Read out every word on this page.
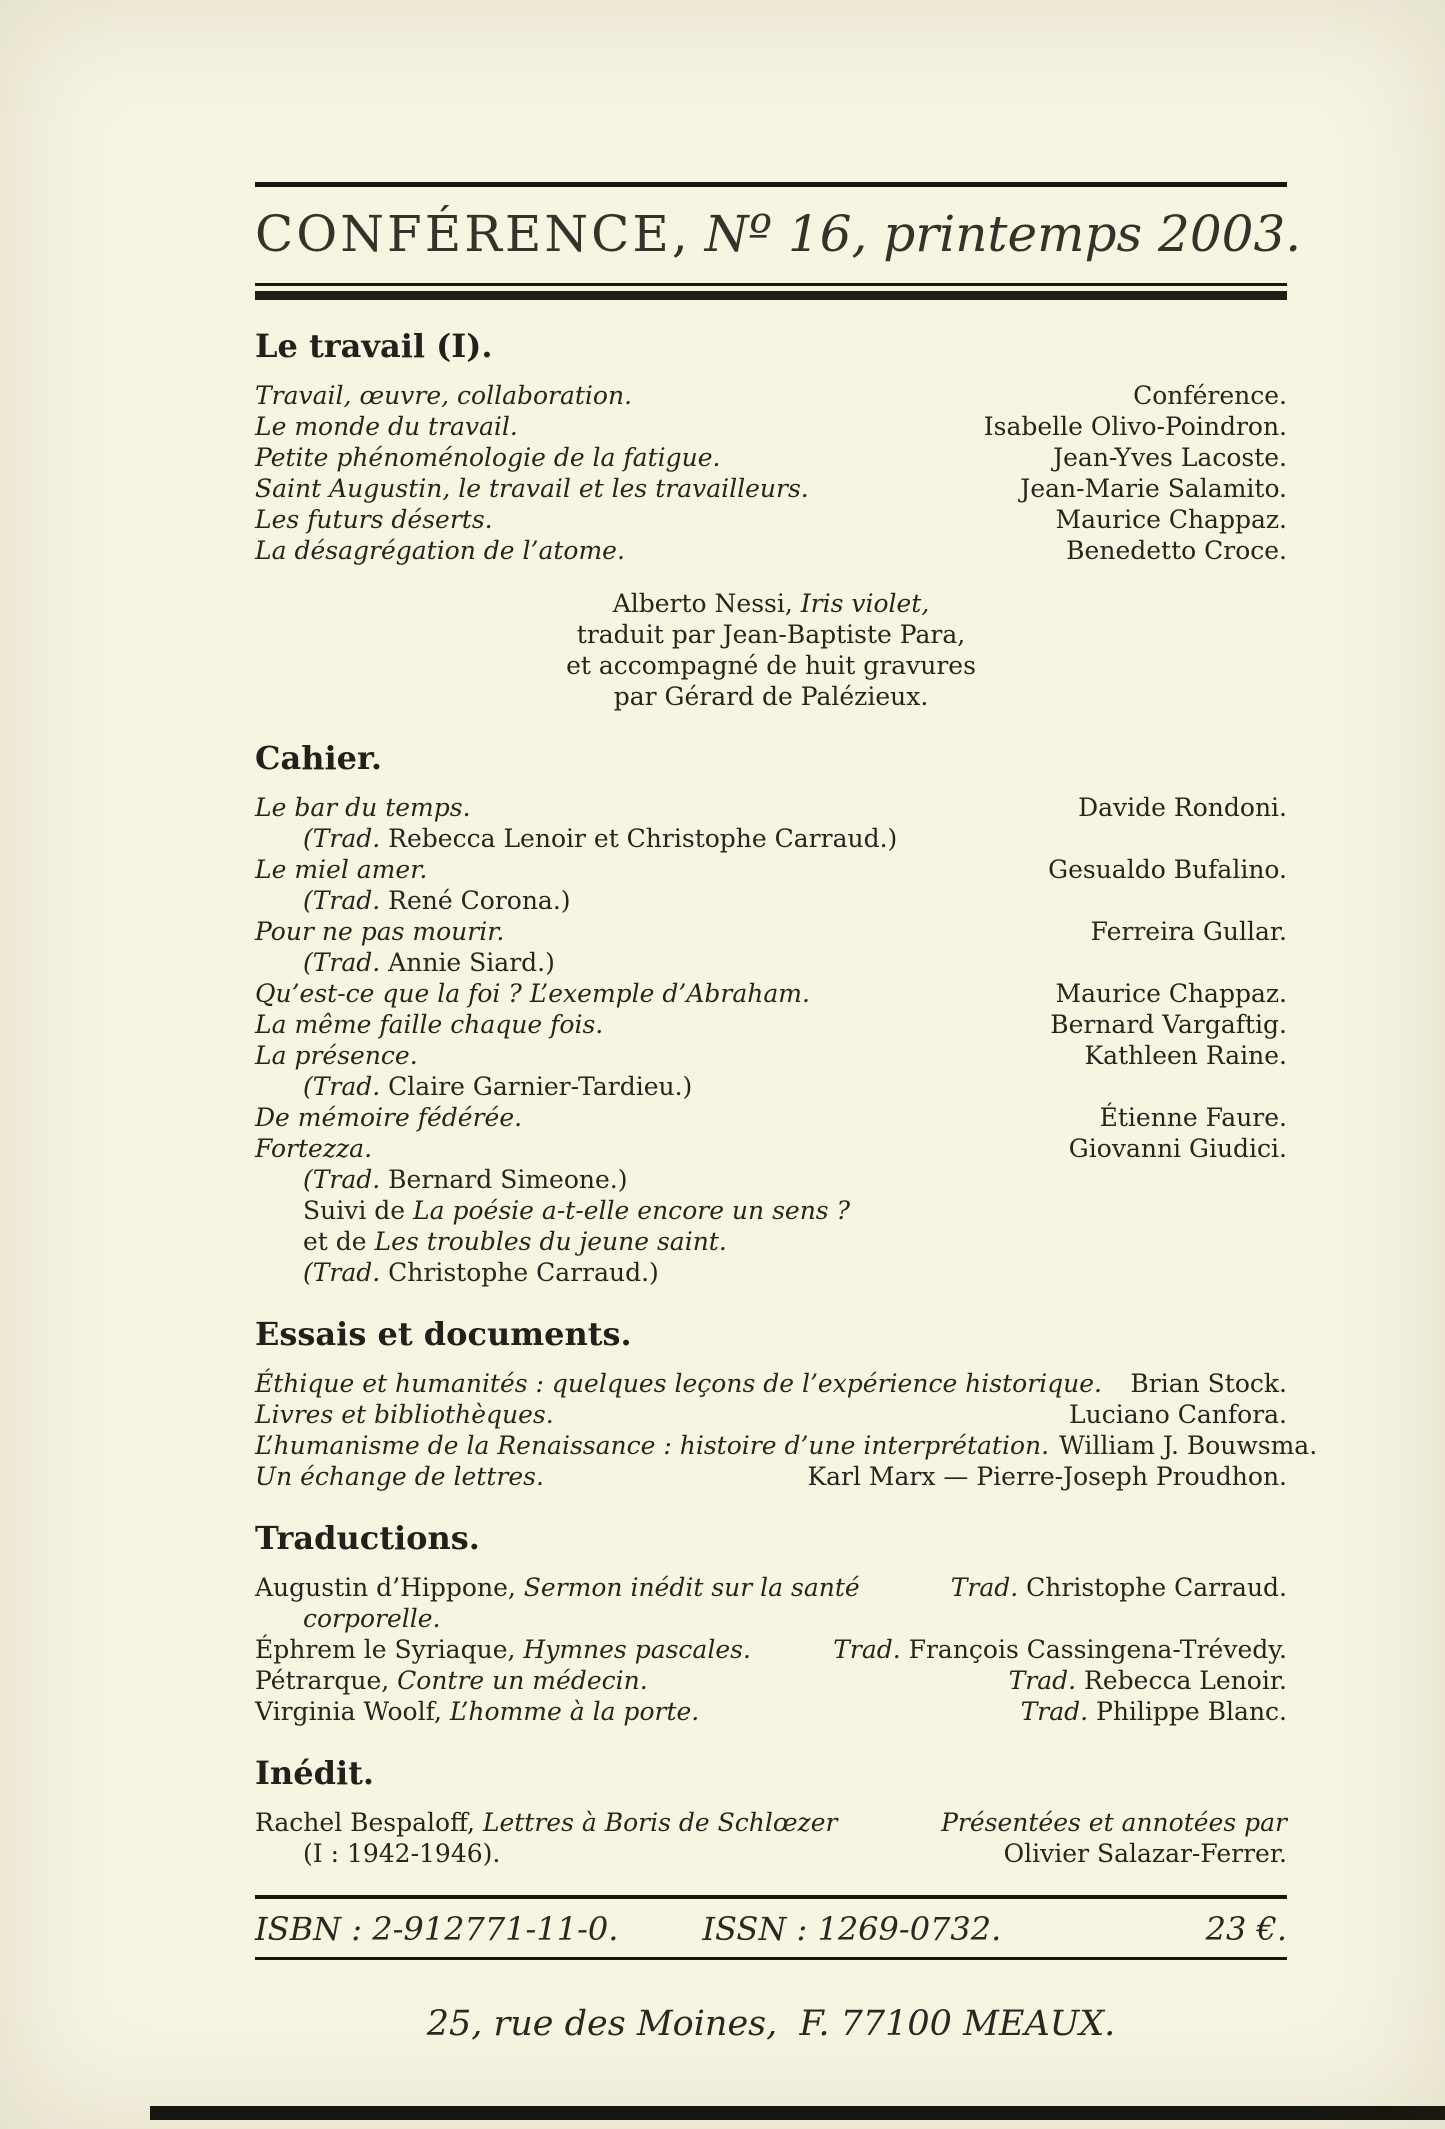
CONFÉRENCE, Nº 16, printemps 2003.
Le travail (I).
Travail, œuvre, collaboration.	Conférence.
Le monde du travail.	Isabelle Olivo-Poindron.
Petite phénoménologie de la fatigue.	Jean-Yves Lacoste.
Saint Augustin, le travail et les travailleurs.	Jean-Marie Salamito.
Les futurs déserts.	Maurice Chappaz.
La désagrégation de l’atome.	Benedetto Croce.
Alberto Nessi, Iris violet,
traduit par Jean-Baptiste Para,
et accompagné de huit gravures
par Gérard de Palézieux.
Cahier.
Le bar du temps.	Davide Rondoni.
(Trad. Rebecca Lenoir et Christophe Carraud.)
Le miel amer.	Gesualdo Bufalino.
(Trad. René Corona.)
Pour ne pas mourir.	Ferreira Gullar.
(Trad. Annie Siard.)
Qu’est-ce que la foi ? L’exemple d’Abraham.	Maurice Chappaz.
La même faille chaque fois.	Bernard Vargaftig.
La présence.	Kathleen Raine.
(Trad. Claire Garnier-Tardieu.)
De mémoire fédérée.	Étienne Faure.
Fortezza.	Giovanni Giudici.
(Trad. Bernard Simeone.)
Suivi de La poésie a-t-elle encore un sens ?
et de Les troubles du jeune saint.
(Trad. Christophe Carraud.)
Essais et documents.
Éthique et humanités : quelques leçons de l’expérience historique. Brian Stock.
Livres et bibliothèques.	Luciano Canfora.
L’humanisme de la Renaissance : histoire d’une interprétation. William J. Bouwsma.
Un échange de lettres.	Karl Marx — Pierre-Joseph Proudhon.
Traductions.
Augustin d’Hippone, Sermon inédit sur la santé	Trad. Christophe Carraud.
corporelle.
Éphrem le Syriaque, Hymnes pascales.	Trad. François Cassingena-Trévedy.
Pétrarque, Contre un médecin.	Trad. Rebecca Lenoir.
Virginia Woolf, L’homme à la porte.	Trad. Philippe Blanc.
Inédit.
Rachel Bespaloff, Lettres à Boris de Schlœzer	Présentées et annotées par
(I : 1942-1946).	Olivier Salazar-Ferrer.
ISBN : 2-912771-11-0.	ISSN : 1269-0732.	23 €.
25, rue des Moines,  F. 77100 MEAUX.
